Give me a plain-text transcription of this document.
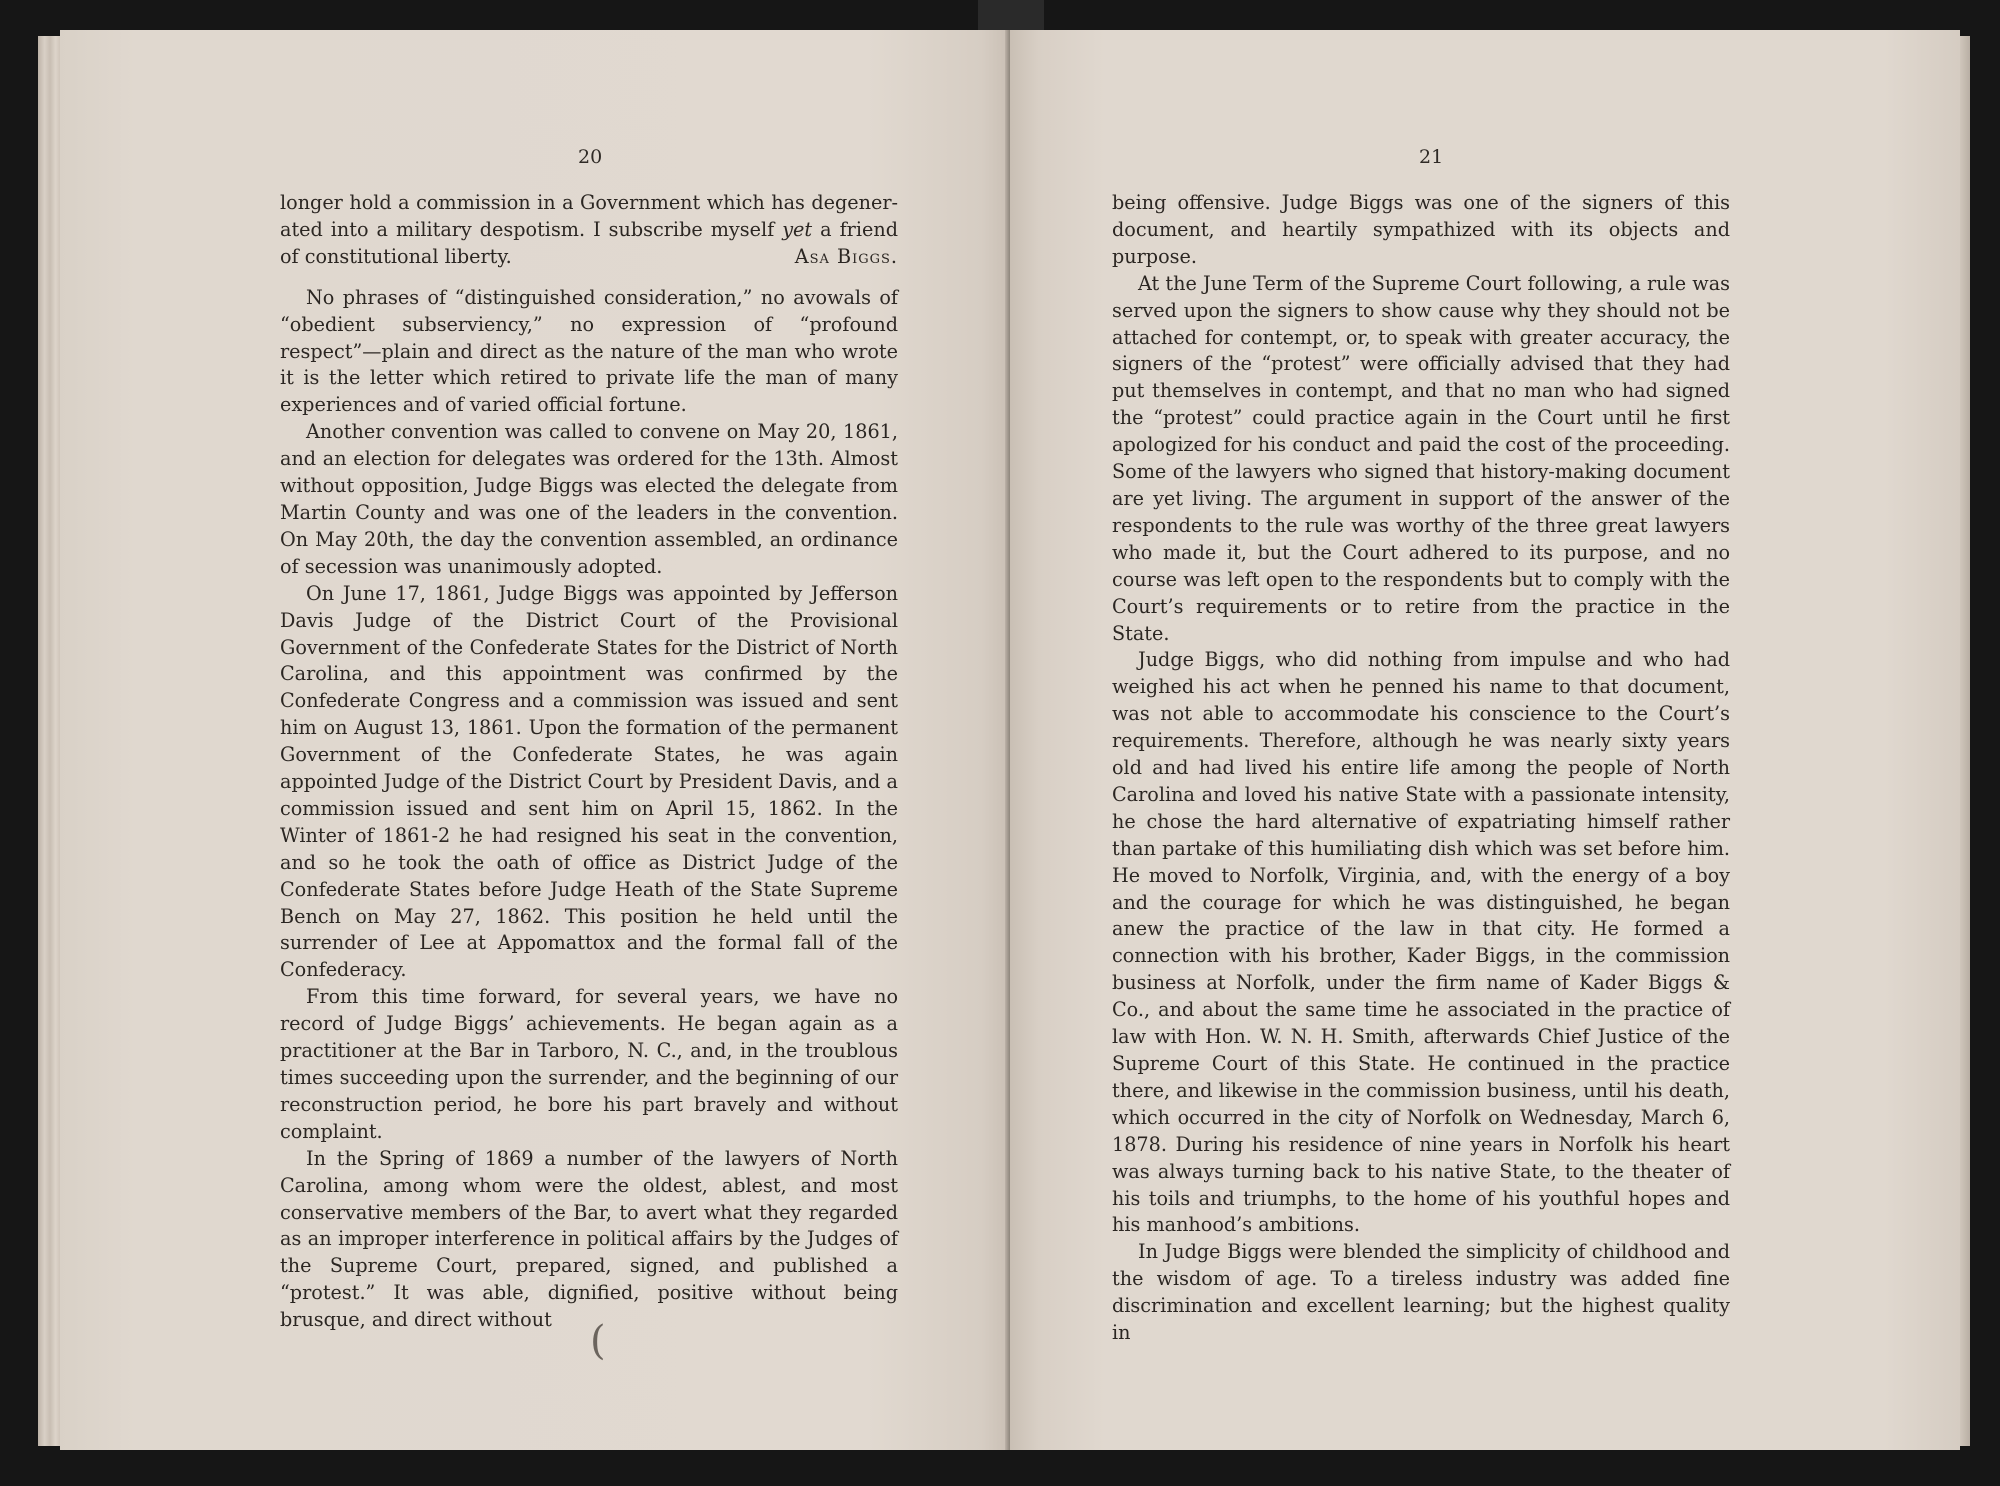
20	21

longer hold a commission in a Government which has degener- ated into a military despotism. I subscribe myself yet a friend of constitutional liberty.	Asa Biggs.

No phrases of “distinguished consideration,” no avowals of “obedient subserviency,” no expression of “profound respect”—plain and direct as the nature of the man who wrote it is the letter which retired to private life the man of many experiences and of varied official fortune.

Another convention was called to convene on May 20, 1861, and an election for delegates was ordered for the 13th. Almost without opposition, Judge Biggs was elected the delegate from Martin County and was one of the leaders in the convention. On May 20th, the day the convention assembled, an ordinance of secession was unanimously adopted.

On June 17, 1861, Judge Biggs was appointed by Jefferson Davis Judge of the District Court of the Provisional Government of the Confederate States for the District of North Carolina, and this appointment was confirmed by the Confederate Congress and a commission was issued and sent him on August 13, 1861. Upon the formation of the permanent Government of the Confederate States, he was again appointed Judge of the District Court by President Davis, and a commission issued and sent him on April 15, 1862. In the Winter of 1861-2 he had resigned his seat in the convention, and so he took the oath of office as District Judge of the Confederate States before Judge Heath of the State Supreme Bench on May 27, 1862. This position he held until the surrender of Lee at Appomattox and the formal fall of the Confederacy.

From this time forward, for several years, we have no record of Judge Biggs’ achievements. He began again as a practitioner at the Bar in Tarboro, N. C., and, in the troublous times succeeding upon the surrender, and the beginning of our reconstruction period, he bore his part bravely and without complaint.

In the Spring of 1869 a number of the lawyers of North Carolina, among whom were the oldest, ablest, and most conservative members of the Bar, to avert what they regarded as an improper interference in political affairs by the Judges of the Supreme Court, prepared, signed, and published a “protest.” It was able, dignified, positive without being brusque, and direct without

being offensive. Judge Biggs was one of the signers of this document, and heartily sympathized with its objects and purpose.

At the June Term of the Supreme Court following, a rule was served upon the signers to show cause why they should not be attached for contempt, or, to speak with greater accuracy, the signers of the “protest” were officially advised that they had put themselves in contempt, and that no man who had signed the “protest” could practice again in the Court until he first apologized for his conduct and paid the cost of the proceeding. Some of the lawyers who signed that history-making document are yet living. The argument in support of the answer of the respondents to the rule was worthy of the three great lawyers who made it, but the Court adhered to its purpose, and no course was left open to the respondents but to comply with the Court’s requirements or to retire from the practice in the State.

Judge Biggs, who did nothing from impulse and who had weighed his act when he penned his name to that document, was not able to accommodate his conscience to the Court’s requirements. Therefore, although he was nearly sixty years old and had lived his entire life among the people of North Carolina and loved his native State with a passionate intensity, he chose the hard alternative of expatriating himself rather than partake of this humiliating dish which was set before him. He moved to Norfolk, Virginia, and, with the energy of a boy and the courage for which he was distinguished, he began anew the practice of the law in that city. He formed a connection with his brother, Kader Biggs, in the commission business at Norfolk, under the firm name of Kader Biggs & Co., and about the same time he associated in the practice of law with Hon. W. N. H. Smith, afterwards Chief Justice of the Supreme Court of this State. He continued in the practice there, and likewise in the commission business, until his death, which occurred in the city of Norfolk on Wednesday, March 6, 1878. During his residence of nine years in Norfolk his heart was always turning back to his native State, to the theater of his toils and triumphs, to the home of his youthful hopes and his manhood’s ambitions.

In Judge Biggs were blended the simplicity of childhood and the wisdom of age. To a tireless industry was added fine discrimination and excellent learning; but the highest quality in

(
